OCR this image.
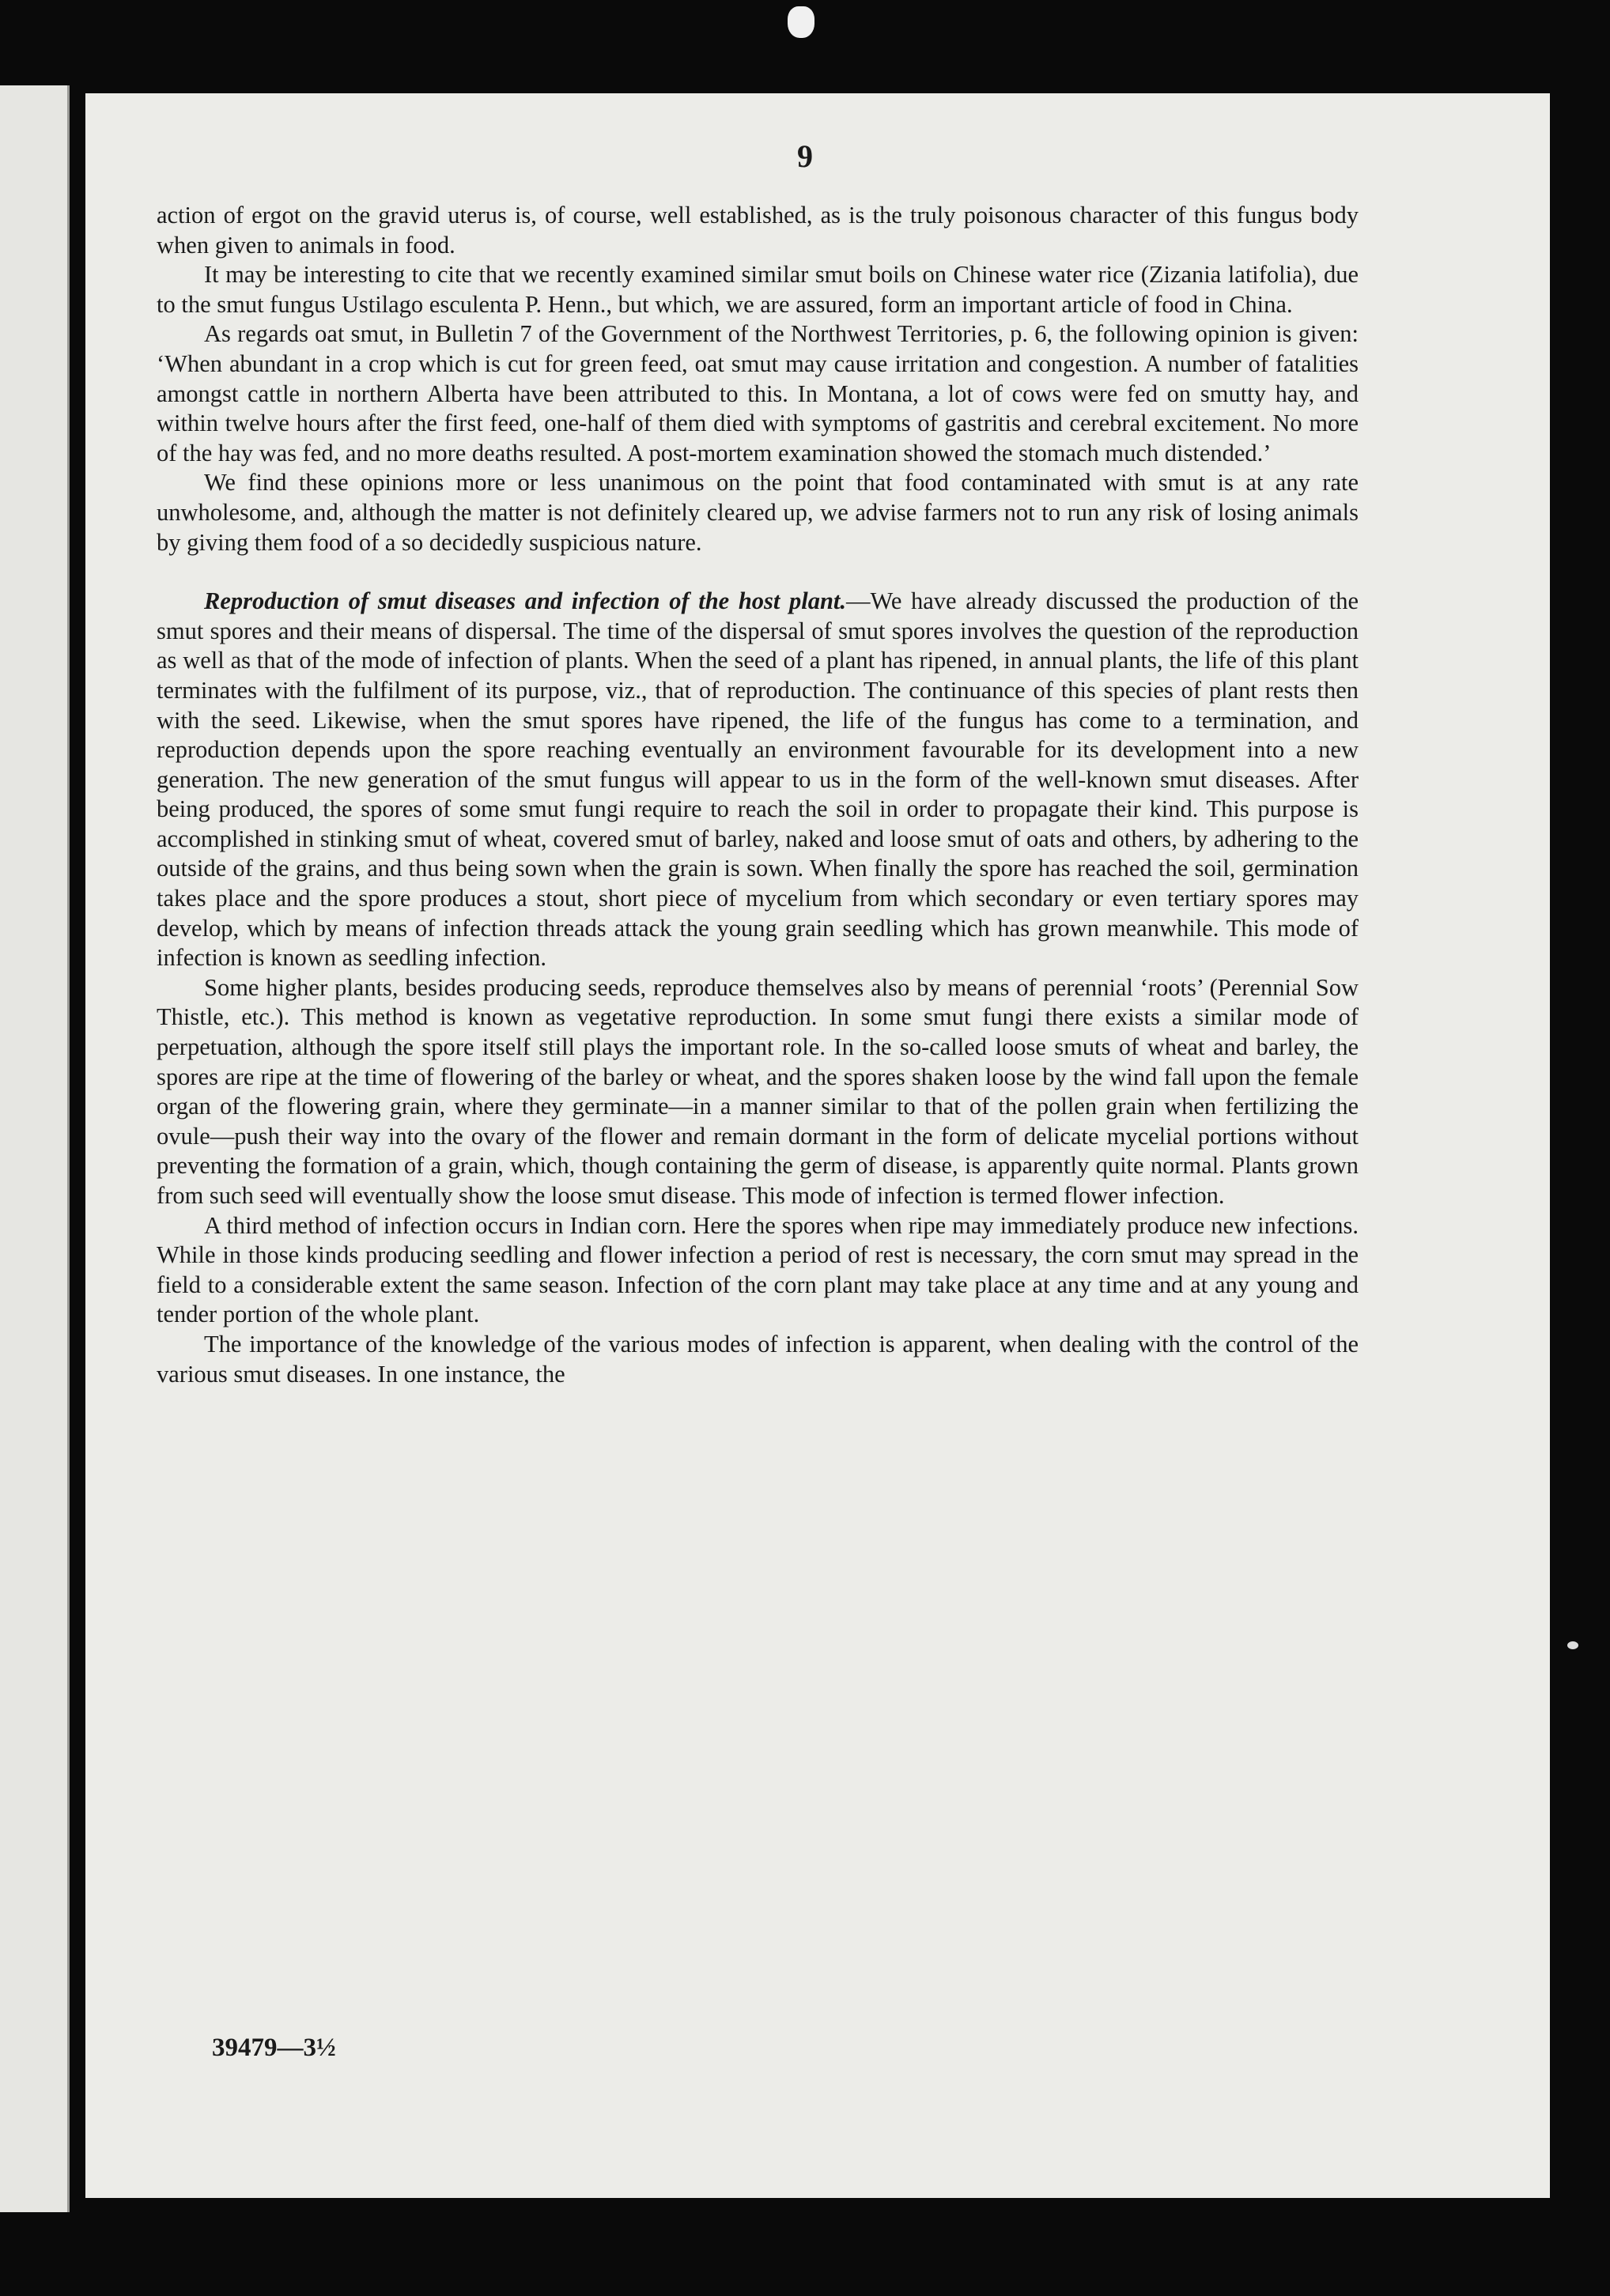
9

action of ergot on the gravid uterus is, of course, well established, as is the truly poisonous character of this fungus body when given to animals in food.

It may be interesting to cite that we recently examined similar smut boils on Chinese water rice (Zizania latifolia), due to the smut fungus Ustilago esculenta P. Henn., but which, we are assured, form an important article of food in China.

As regards oat smut, in Bulletin 7 of the Government of the Northwest Territories, p. 6, the following opinion is given: ‘When abundant in a crop which is cut for green feed, oat smut may cause irritation and congestion. A number of fatalities amongst cattle in northern Alberta have been attributed to this. In Montana, a lot of cows were fed on smutty hay, and within twelve hours after the first feed, one-half of them died with symptoms of gastritis and cerebral excitement. No more of the hay was fed, and no more deaths resulted. A post-mortem examination showed the stomach much distended.’

We find these opinions more or less unanimous on the point that food contaminated with smut is at any rate unwholesome, and, although the matter is not definitely cleared up, we advise farmers not to run any risk of losing animals by giving them food of a so decidedly suspicious nature.

Reproduction of smut diseases and infection of the host plant.—We have already discussed the production of the smut spores and their means of dispersal. The time of the dispersal of smut spores involves the question of the reproduction as well as that of the mode of infection of plants. When the seed of a plant has ripened, in annual plants, the life of this plant terminates with the fulfilment of its purpose, viz., that of reproduction. The continuance of this species of plant rests then with the seed. Likewise, when the smut spores have ripened, the life of the fungus has come to a termination, and reproduction depends upon the spore reaching eventually an environment favourable for its development into a new generation. The new generation of the smut fungus will appear to us in the form of the well-known smut diseases. After being produced, the spores of some smut fungi require to reach the soil in order to propagate their kind. This purpose is accomplished in stinking smut of wheat, covered smut of barley, naked and loose smut of oats and others, by adhering to the outside of the grains, and thus being sown when the grain is sown. When finally the spore has reached the soil, germination takes place and the spore produces a stout, short piece of mycelium from which secondary or even tertiary spores may develop, which by means of infection threads attack the young grain seedling which has grown meanwhile. This mode of infection is known as seedling infection.

Some higher plants, besides producing seeds, reproduce themselves also by means of perennial ‘roots’ (Perennial Sow Thistle, etc.). This method is known as vegetative reproduction. In some smut fungi there exists a similar mode of perpetuation, although the spore itself still plays the important role. In the so-called loose smuts of wheat and barley, the spores are ripe at the time of flowering of the barley or wheat, and the spores shaken loose by the wind fall upon the female organ of the flowering grain, where they germinate—in a manner similar to that of the pollen grain when fertilizing the ovule—push their way into the ovary of the flower and remain dormant in the form of delicate mycelial portions without preventing the formation of a grain, which, though containing the germ of disease, is apparently quite normal. Plants grown from such seed will eventually show the loose smut disease. This mode of infection is termed flower infection.

A third method of infection occurs in Indian corn. Here the spores when ripe may immediately produce new infections. While in those kinds producing seedling and flower infection a period of rest is necessary, the corn smut may spread in the field to a considerable extent the same season. Infection of the corn plant may take place at any time and at any young and tender portion of the whole plant.

The importance of the knowledge of the various modes of infection is apparent, when dealing with the control of the various smut diseases. In one instance, the

39479—3½
